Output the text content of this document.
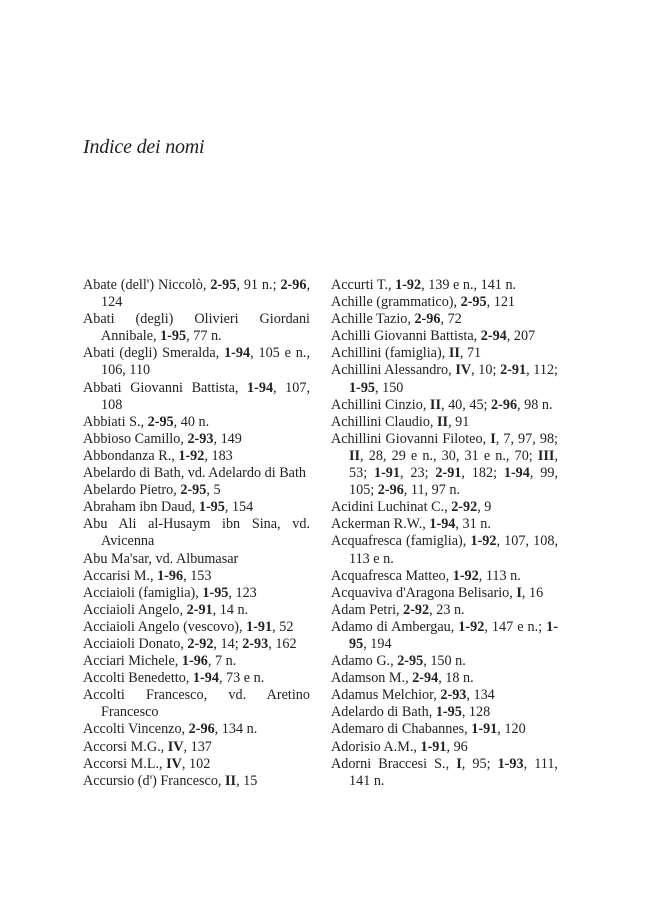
Indice dei nomi

Abate (dell') Niccolò, 2-95, 91 n.; 2-96, 124

Abati (degli) Olivieri Giordani Annibale, 1-95, 77 n.

Abati (degli) Smeralda, 1-94, 105 e n., 106, 110

Abbati Giovanni Battista, 1-94, 107, 108

Abbiati S., 2-95, 40 n.

Abbioso Camillo, 2-93, 149

Abbondanza R., 1-92, 183

Abelardo di Bath, vd. Adelardo di Bath

Abelardo Pietro, 2-95, 5

Abraham ibn Daud, 1-95, 154

Abu Ali al-Husaym ibn Sina, vd. Avicenna

Abu Ma'sar, vd. Albumasar

Accarisi M., 1-96, 153

Acciaioli (famiglia), 1-95, 123

Acciaioli Angelo, 2-91, 14 n.

Acciaioli Angelo (vescovo), 1-91, 52

Acciaioli Donato, 2-92, 14; 2-93, 162

Acciari Michele, 1-96, 7 n.

Accolti Benedetto, 1-94, 73 e n.

Accolti Francesco, vd. Aretino Francesco

Accolti Vincenzo, 2-96, 134 n.

Accorsi M.G., IV, 137

Accorsi M.L., IV, 102

Accursio (d') Francesco, II, 15

Accurti T., 1-92, 139 e n., 141 n.

Achille (grammatico), 2-95, 121

Achille Tazio, 2-96, 72

Achilli Giovanni Battista, 2-94, 207

Achillini (famiglia), II, 71

Achillini Alessandro, IV, 10; 2-91, 112; 1-95, 150

Achillini Cinzio, II, 40, 45; 2-96, 98 n.

Achillini Claudio, II, 91

Achillini Giovanni Filoteo, I, 7, 97, 98; II, 28, 29 e n., 30, 31 e n., 70; III, 53; 1-91, 23; 2-91, 182; 1-94, 99, 105; 2-96, 11, 97 n.

Acidini Luchinat C., 2-92, 9

Ackerman R.W., 1-94, 31 n.

Acquafresca (famiglia), 1-92, 107, 108, 113 e n.

Acquafresca Matteo, 1-92, 113 n.

Acquaviva d'Aragona Belisario, I, 16

Adam Petri, 2-92, 23 n.

Adamo di Ambergau, 1-92, 147 e n.; 1-95, 194

Adamo G., 2-95, 150 n.

Adamson M., 2-94, 18 n.

Adamus Melchior, 2-93, 134

Adelardo di Bath, 1-95, 128

Ademaro di Chabannes, 1-91, 120

Adorisio A.M., 1-91, 96

Adorni Braccesi S., I, 95; 1-93, 111, 141 n.
